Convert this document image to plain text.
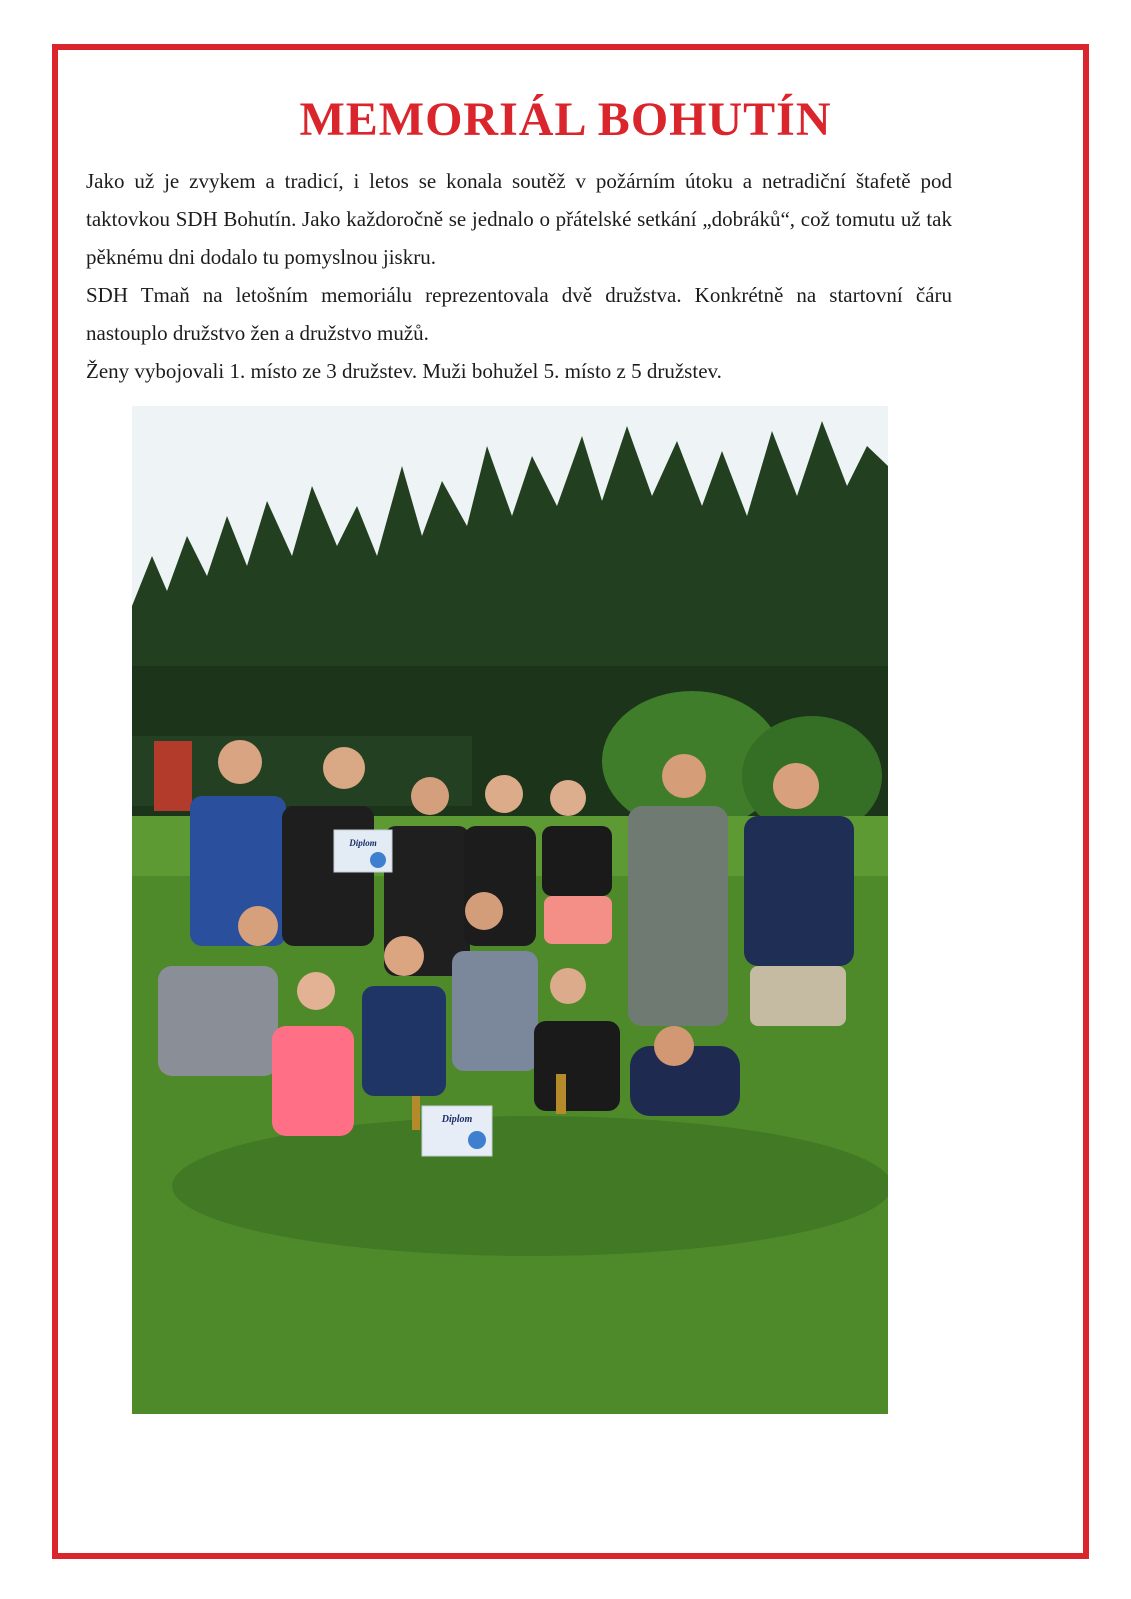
MEMORIÁL BOHUTÍN

Jako už je zvykem a tradicí, i letos se konala soutěž v požárním útoku a netradiční štafetě pod taktovkou SDH Bohutín. Jako každoročně se jednalo o přátelské setkání „dobráků“, což tomutu už tak pěknému dni dodalo tu pomyslnou jiskru.

SDH Tmaň na letošním memoriálu reprezentovala dvě družstva. Konkrétně na startovní čáru nastouplo družstvo žen a družstvo mužů.

Ženy vybojovali 1. místo ze 3 družstev. Muži bohužel 5. místo z 5 družstev.

Diplom
Diplom
